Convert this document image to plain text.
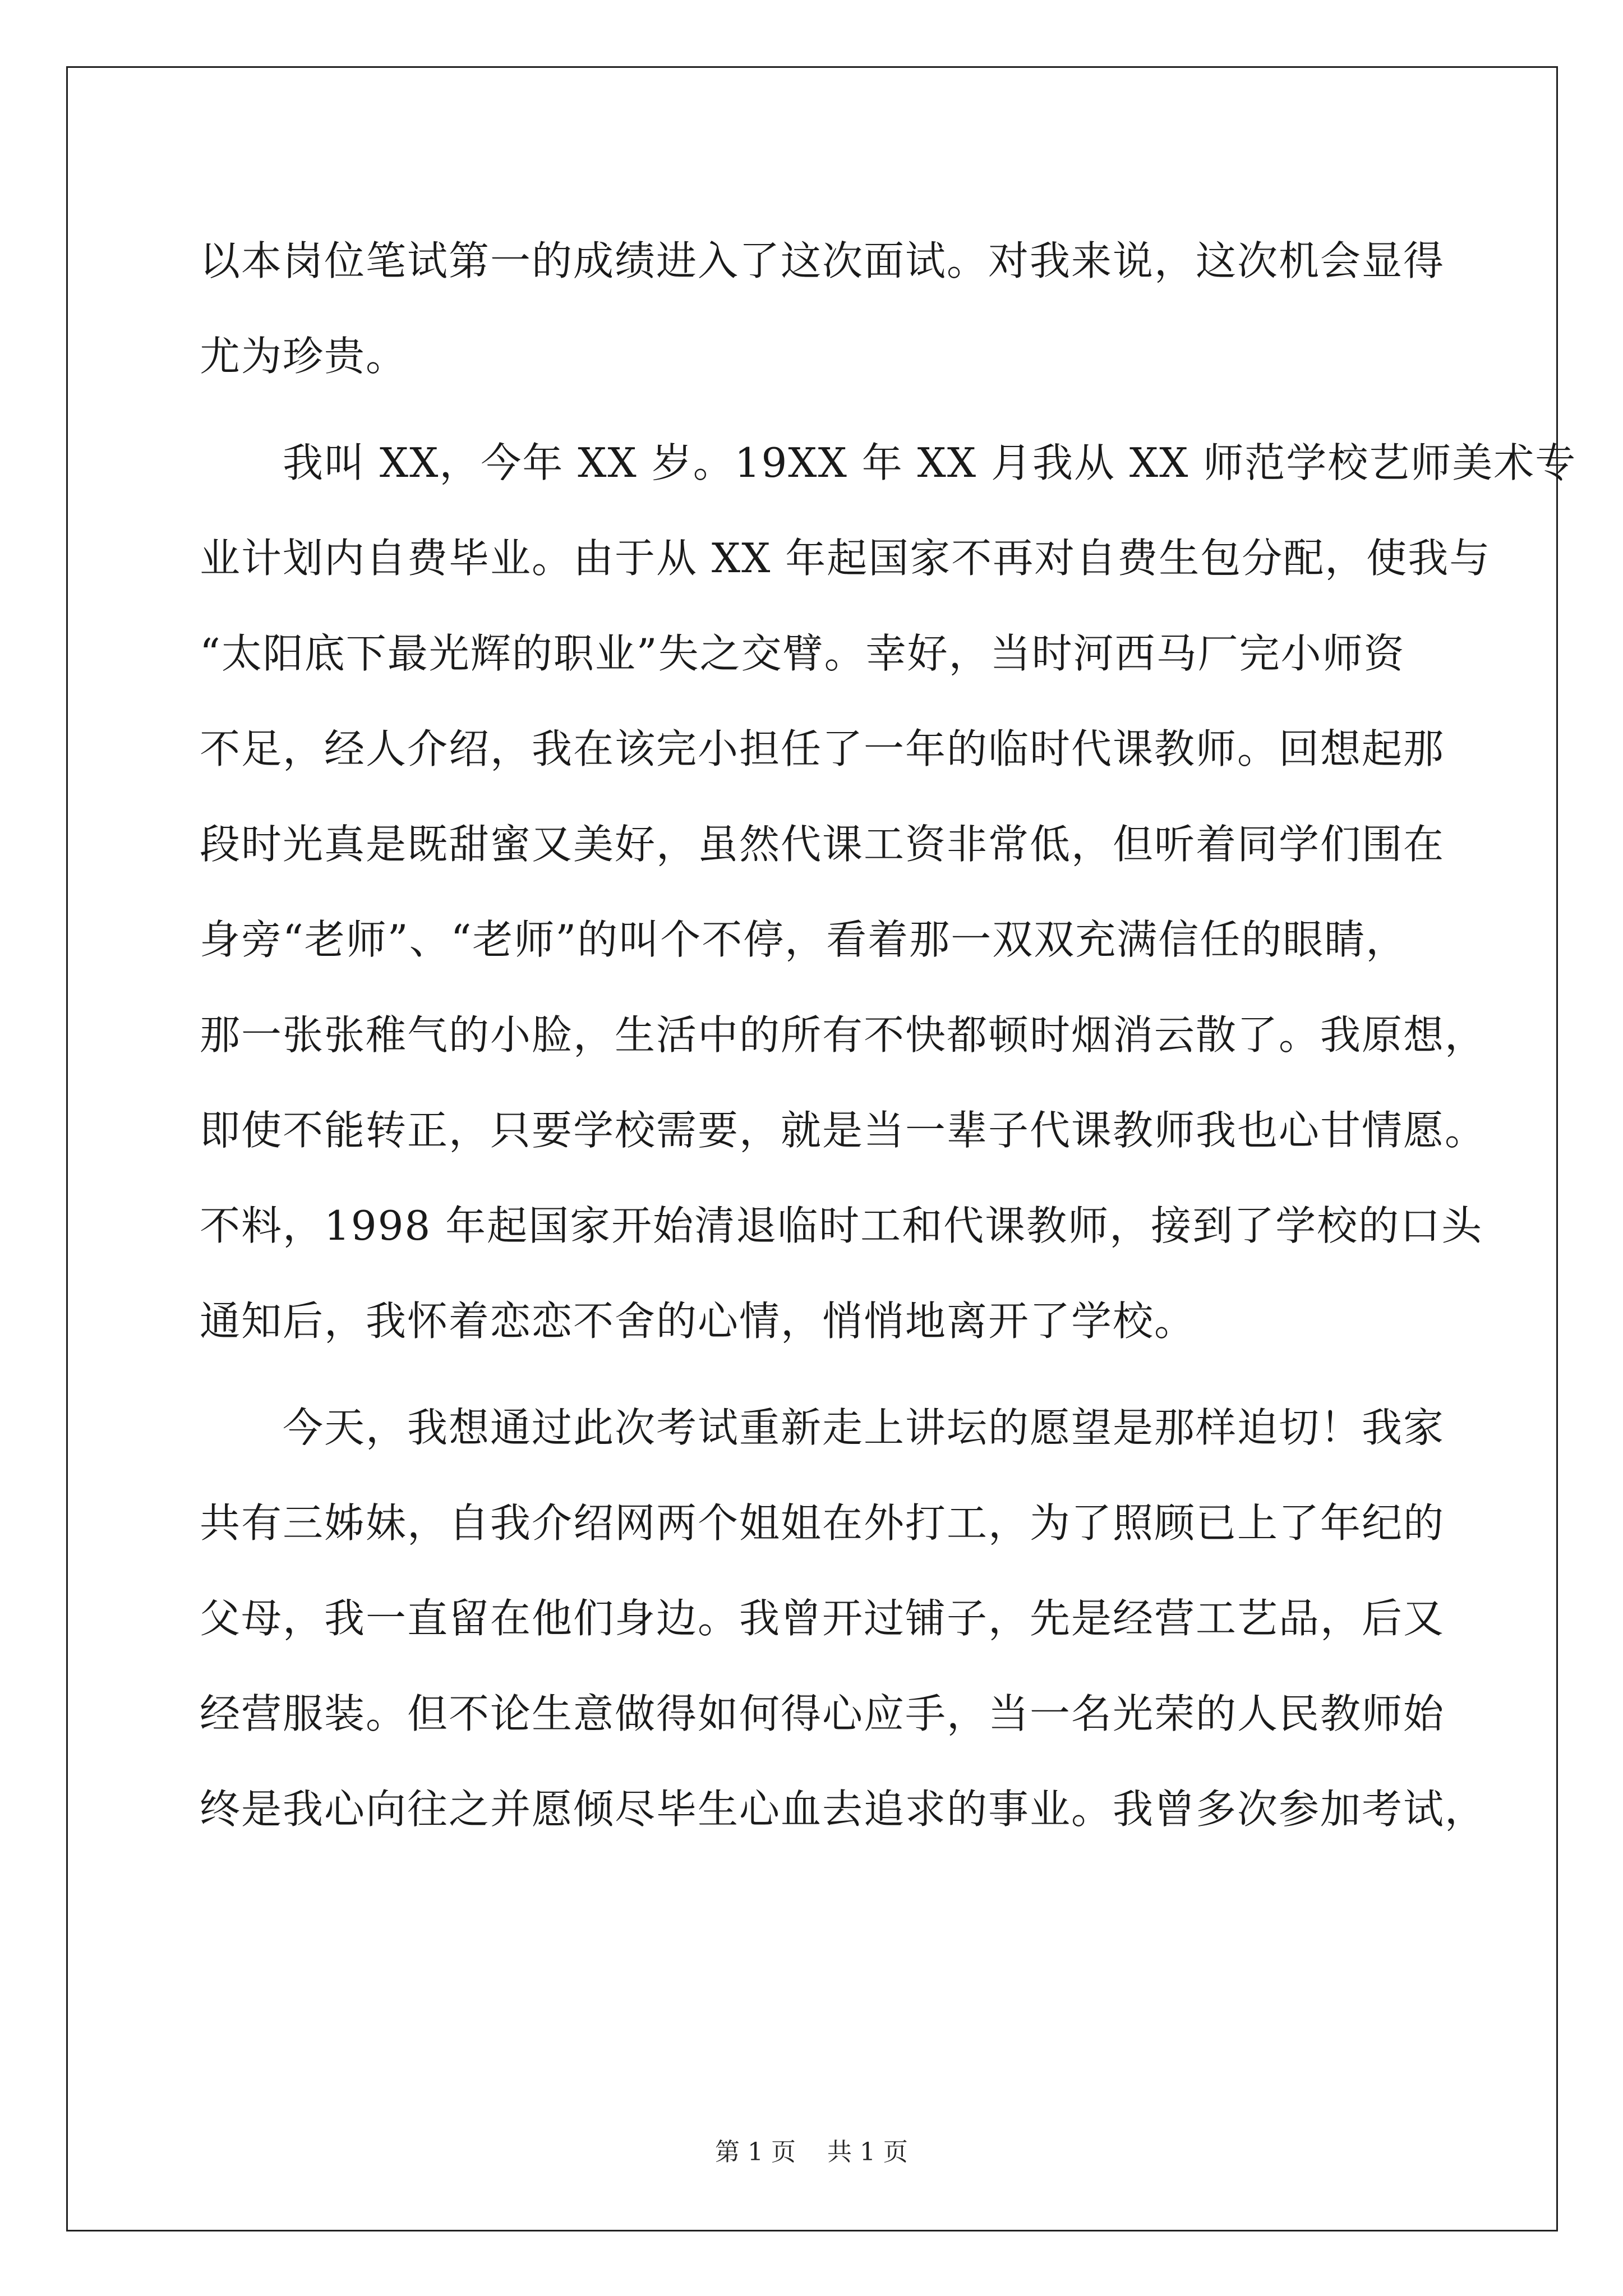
以本岗位笔试第一的成绩进入了这次面试。对我来说，这次机会显得
尤为珍贵。
　　我叫 XX，今年 XX 岁。19XX 年 XX 月我从 XX 师范学校艺师美术专
业计划内自费毕业。由于从 XX 年起国家不再对自费生包分配，使我与
“太阳底下最光辉的职业”失之交臂。幸好，当时河西马厂完小师资
不足，经人介绍，我在该完小担任了一年的临时代课教师。回想起那
段时光真是既甜蜜又美好，虽然代课工资非常低，但听着同学们围在
身旁“老师”、“老师”的叫个不停，看着那一双双充满信任的眼睛，
那一张张稚气的小脸，生活中的所有不快都顿时烟消云散了。我原想，
即使不能转正，只要学校需要，就是当一辈子代课教师我也心甘情愿。
不料，1998 年起国家开始清退临时工和代课教师，接到了学校的口头
通知后，我怀着恋恋不舍的心情，悄悄地离开了学校。
　　今天，我想通过此次考试重新走上讲坛的愿望是那样迫切！我家
共有三姊妹，自我介绍网两个姐姐在外打工，为了照顾已上了年纪的
父母，我一直留在他们身边。我曾开过铺子，先是经营工艺品，后又
经营服装。但不论生意做得如何得心应手，当一名光荣的人民教师始
终是我心向往之并愿倾尽毕生心血去追求的事业。我曾多次参加考试，
第 1 页    共 1 页
